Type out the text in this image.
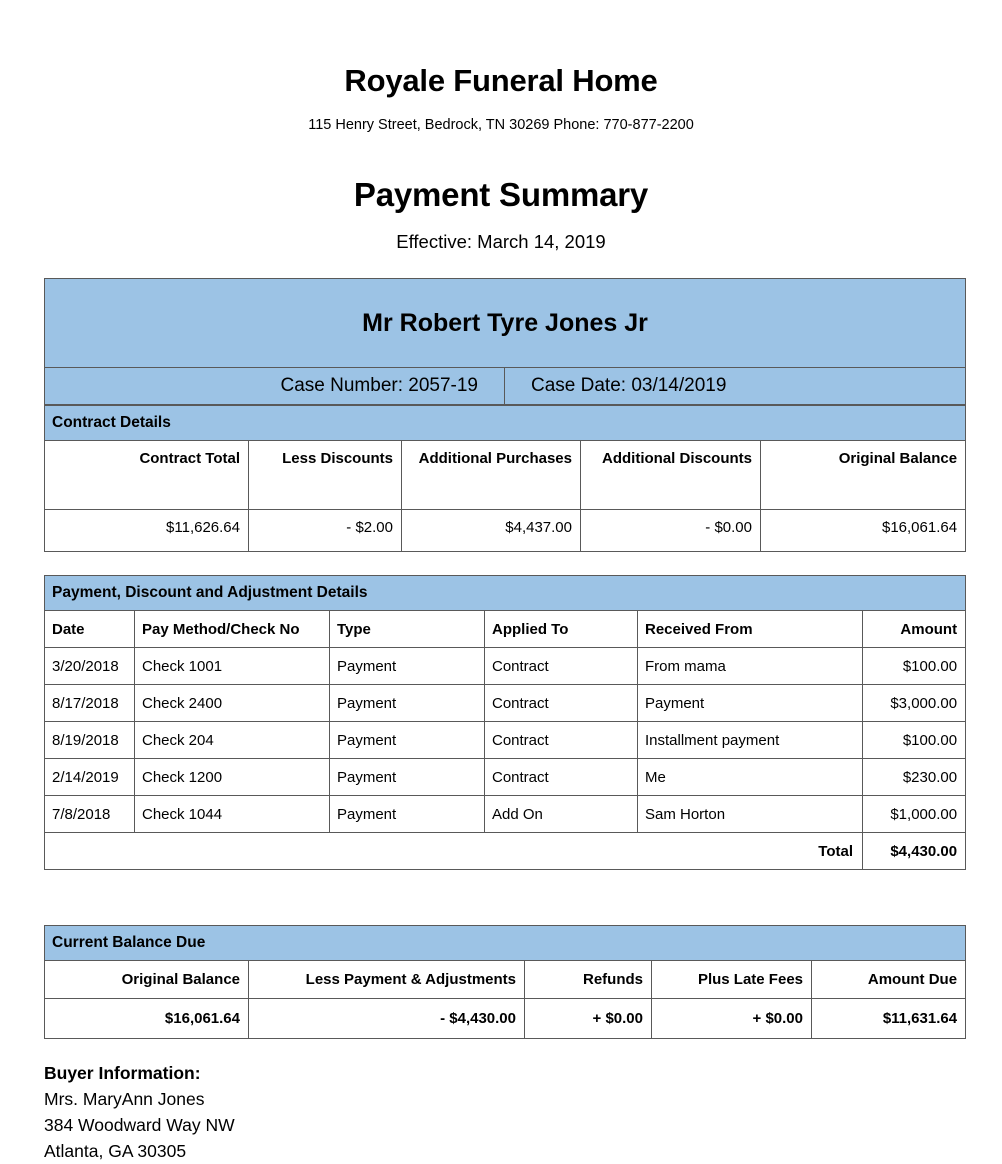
Royale Funeral Home
115 Henry Street, Bedrock, TN 30269 Phone: 770-877-2200
Payment Summary
Effective: March 14, 2019
Mr Robert Tyre Jones Jr
Case Number: 2057-19	Case Date: 03/14/2019
Contract Details				
Contract Total	Less Discounts	Additional Purchases	Additional Discounts	Original Balance
$11,626.64	- $2.00	$4,437.00	- $0.00	$16,061.64
Payment, Discount and Adjustment Details					
Date	Pay Method/Check No	Type	Applied To	Received From	Amount
3/20/2018	Check 1001	Payment	Contract	From mama	$100.00
8/17/2018	Check 2400	Payment	Contract	Payment	$3,000.00
8/19/2018	Check 204	Payment	Contract	Installment payment	$100.00
2/14/2019	Check 1200	Payment	Contract	Me	$230.00
7/8/2018	Check 1044	Payment	Add On	Sam Horton	$1,000.00
Total					$4,430.00
Current Balance Due				
Original Balance	Less Payment & Adjustments	Refunds	Plus Late Fees	Amount Due
$16,061.64	- $4,430.00	+ $0.00	+ $0.00	$11,631.64
Buyer Information:
Mrs. MaryAnn Jones
384 Woodward Way NW
Atlanta, GA 30305
